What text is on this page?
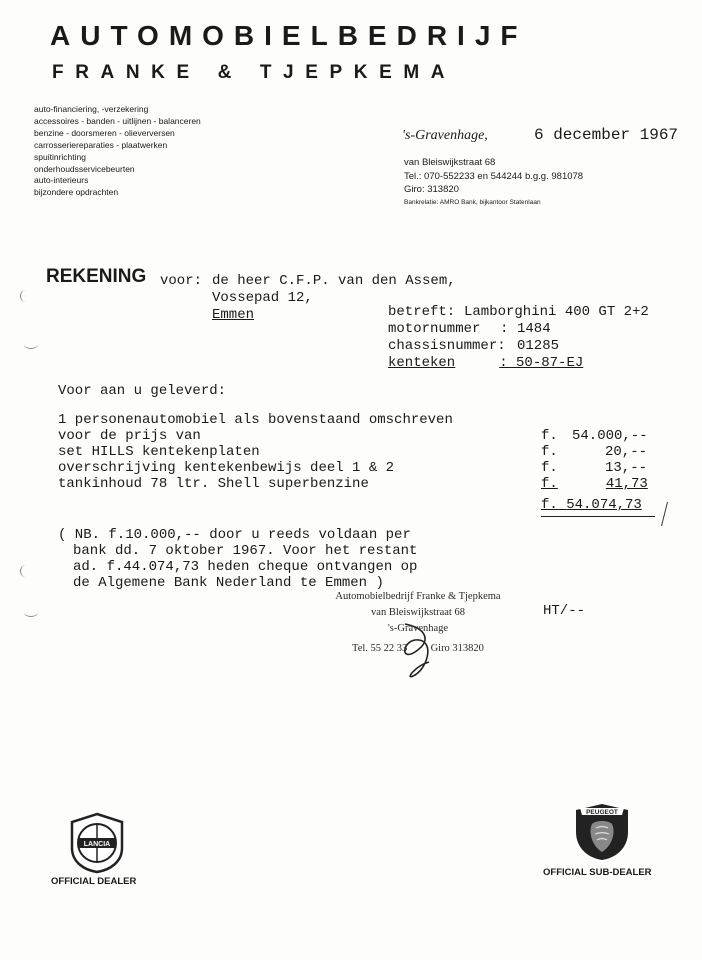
AUTOMOBIELBEDRIJF
FRANKE & TJEPKEMA
auto-financiering, -verzekering
accessoires - banden - uitlijnen - balanceren
benzine - doorsmeren - olieverversen
carrosseriereparaties - plaatwerken
spuitinrichting
onderhoudsservicebeurten
auto-interieurs
bijzondere opdrachten
's-Gravenhage,	6 december 1967
van Bleiswijkstraat 68
Tel.: 070-552233 en 544244 b.g.g. 981078
Giro: 313820
Bankrelatie: AMRO Bank, bijkantoor Statenlaan
REKENING voor: de heer C.F.P. van den Assem,
Vossepad 12,
Emmen	betreft: Lamborghini 400 GT 2+2
motornummer : 1484
chassisnummer: 01285
kenteken	: 50-87-EJ
Voor aan u geleverd:
1 personenautomobiel als bovenstaand omschreven
voor de prijs van	f. 54.000,--
set HILLS kentekenplaten	f.	20,--
overschrijving kentekenbewijs deel 1 & 2	f.	13,--
tankinhoud 78 ltr. Shell superbenzine	f.	41,73
f. 54.074,73
( NB. f.10.000,-- door u reeds voldaan per
bank dd. 7 oktober 1967. Voor het restant
ad. f.44.074,73 heden cheque ontvangen op
de Algemene Bank Nederland te Emmen )
Automobielbedrijf Franke & Tjepkema
van Bleiswijkstraat 68
's-Gravenhage
Tel. 55 22 33 Giro 313820
HT/--
LANCIA
OFFICIAL DEALER
PEUGEOT
OFFICIAL SUB-DEALER
